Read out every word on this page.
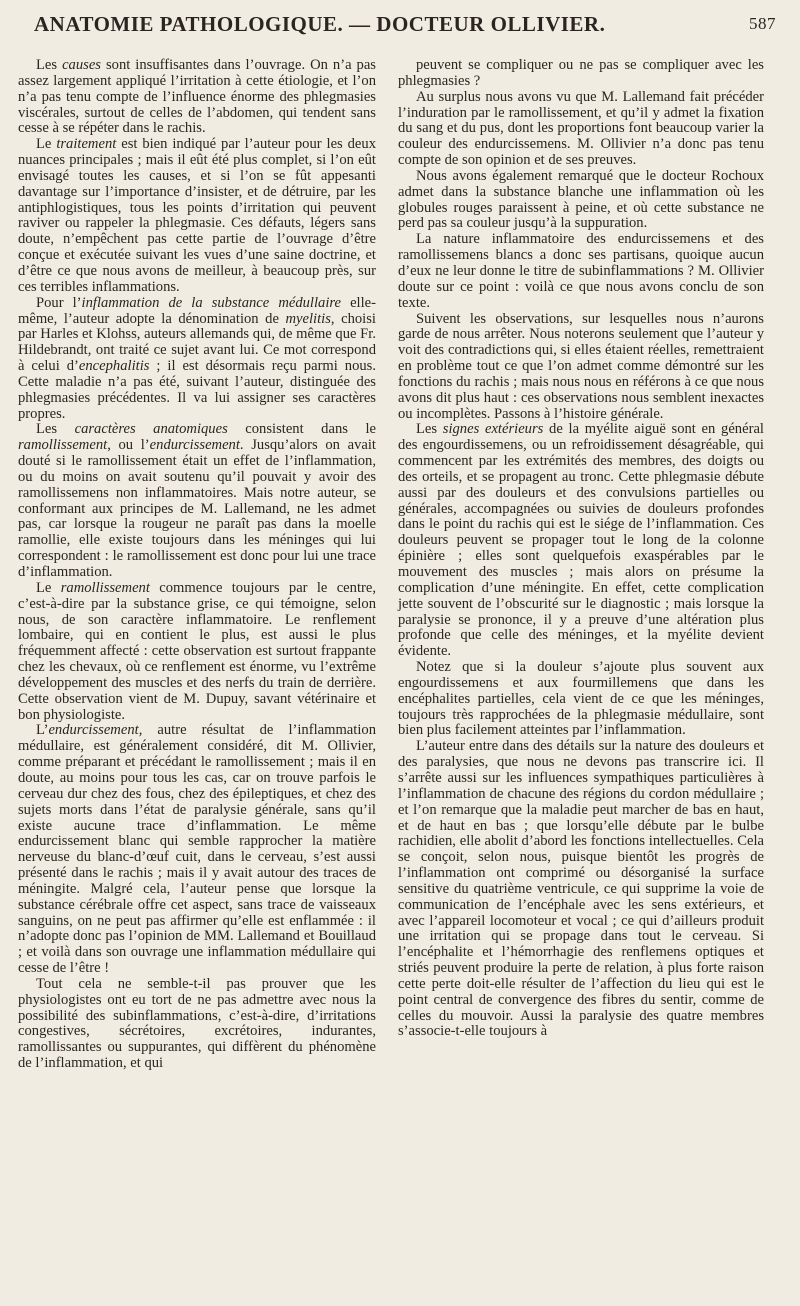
ANATOMIE PATHOLOGIQUE. — DOCTEUR OLLIVIER.	587

Les causes sont insuffisantes dans l’ouvrage. On n’a pas assez largement appliqué l’irritation à cette étiologie, et l’on n’a pas tenu compte de l’influence énorme des phlegmasies viscérales, surtout de celles de l’abdomen, qui tendent sans cesse à se répéter dans le rachis.

Le traitement est bien indiqué par l’auteur pour les deux nuances principales ; mais il eût été plus complet, si l’on eût envisagé toutes les causes, et si l’on se fût appesanti davantage sur l’importance d’insister, et de détruire, par les antiphlogistiques, tous les points d’irritation qui peuvent raviver ou rappeler la phlegmasie. Ces défauts, légers sans doute, n’empêchent pas cette partie de l’ouvrage d’être conçue et exécutée suivant les vues d’une saine doctrine, et d’être ce que nous avons de meilleur, à beaucoup près, sur ces terribles inflammations.

Pour l’inflammation de la substance médullaire elle-même, l’auteur adopte la dénomination de myelitis, choisi par Harles et Klohss, auteurs allemands qui, de même que Fr. Hildebrandt, ont traité ce sujet avant lui. Ce mot correspond à celui d’encephalitis ; il est désormais reçu parmi nous. Cette maladie n’a pas été, suivant l’auteur, distinguée des phlegmasies précédentes. Il va lui assigner ses caractères propres.

Les caractères anatomiques consistent dans le ramollissement, ou l’endurcissement. Jusqu’alors on avait douté si le ramollissement était un effet de l’inflammation, ou du moins on avait soutenu qu’il pouvait y avoir des ramollissemens non inflammatoires. Mais notre auteur, se conformant aux principes de M. Lallemand, ne les admet pas, car lorsque la rougeur ne paraît pas dans la moelle ramollie, elle existe toujours dans les méninges qui lui correspondent : le ramollissement est donc pour lui une trace d’inflammation.

Le ramollissement commence toujours par le centre, c’est-à-dire par la substance grise, ce qui témoigne, selon nous, de son caractère inflammatoire. Le renflement lombaire, qui en contient le plus, est aussi le plus fréquemment affecté : cette observation est surtout frappante chez les chevaux, où ce renflement est énorme, vu l’extrême développement des muscles et des nerfs du train de derrière. Cette observation vient de M. Dupuy, savant vétérinaire et bon physiologiste.

L’endurcissement, autre résultat de l’inflammation médullaire, est généralement considéré, dit M. Ollivier, comme préparant et précédant le ramollissement ; mais il en doute, au moins pour tous les cas, car on trouve parfois le cerveau dur chez des fous, chez des épileptiques, et chez des sujets morts dans l’état de paralysie générale, sans qu’il existe aucune trace d’inflammation. Le même endurcissement blanc qui semble rapprocher la matière nerveuse du blanc-d’œuf cuit, dans le cerveau, s’est aussi présenté dans le rachis ; mais il y avait autour des traces de méningite. Malgré cela, l’auteur pense que lorsque la substance cérébrale offre cet aspect, sans trace de vaisseaux sanguins, on ne peut pas affirmer qu’elle est enflammée : il n’adopte donc pas l’opinion de MM. Lallemand et Bouillaud ; et voilà dans son ouvrage une inflammation médullaire qui cesse de l’être !

Tout cela ne semble-t-il pas prouver que les physiologistes ont eu tort de ne pas admettre avec nous la possibilité des subinflammations, c’est-à-dire, d’irritations congestives, sécrétoires, excrétoires, indurantes, ramollissantes ou suppurantes, qui diffèrent du phénomène de l’inflammation, et qui

peuvent se compliquer ou ne pas se compliquer avec les phlegmasies ?

Au surplus nous avons vu que M. Lallemand fait précéder l’induration par le ramollissement, et qu’il y admet la fixation du sang et du pus, dont les proportions font beaucoup varier la couleur des endurcissemens. M. Ollivier n’a donc pas tenu compte de son opinion et de ses preuves.

Nous avons également remarqué que le docteur Rochoux admet dans la substance blanche une inflammation où les globules rouges paraissent à peine, et où cette substance ne perd pas sa couleur jusqu’à la suppuration.

La nature inflammatoire des endurcissemens et des ramollissemens blancs a donc ses partisans, quoique aucun d’eux ne leur donne le titre de subinflammations ? M. Ollivier doute sur ce point : voilà ce que nous avons conclu de son texte.

Suivent les observations, sur lesquelles nous n’aurons garde de nous arrêter. Nous noterons seulement que l’auteur y voit des contradictions qui, si elles étaient réelles, remettraient en problème tout ce que l’on admet comme démontré sur les fonctions du rachis ; mais nous nous en référons à ce que nous avons dit plus haut : ces observations nous semblent inexactes ou incomplètes. Passons à l’histoire générale.

Les signes extérieurs de la myélite aiguë sont en général des engourdissemens, ou un refroidissement désagréable, qui commencent par les extrémités des membres, des doigts ou des orteils, et se propagent au tronc. Cette phlegmasie débute aussi par des douleurs et des convulsions partielles ou générales, accompagnées ou suivies de douleurs profondes dans le point du rachis qui est le siége de l’inflammation. Ces douleurs peuvent se propager tout le long de la colonne épinière ; elles sont quelquefois exaspérables par le mouvement des muscles ; mais alors on présume la complication d’une méningite. En effet, cette complication jette souvent de l’obscurité sur le diagnostic ; mais lorsque la paralysie se prononce, il y a preuve d’une altération plus profonde que celle des méninges, et la myélite devient évidente.

Notez que si la douleur s’ajoute plus souvent aux engourdissemens et aux fourmillemens que dans les encéphalites partielles, cela vient de ce que les méninges, toujours très rapprochées de la phlegmasie médullaire, sont bien plus facilement atteintes par l’inflammation.

L’auteur entre dans des détails sur la nature des douleurs et des paralysies, que nous ne devons pas transcrire ici. Il s’arrête aussi sur les influences sympathiques particulières à l’inflammation de chacune des régions du cordon médullaire ; et l’on remarque que la maladie peut marcher de bas en haut, et de haut en bas ; que lorsqu’elle débute par le bulbe rachidien, elle abolit d’abord les fonctions intellectuelles. Cela se conçoit, selon nous, puisque bientôt les progrès de l’inflammation ont comprimé ou désorganisé la surface sensitive du quatrième ventricule, ce qui supprime la voie de communication de l’encéphale avec les sens extérieurs, et avec l’appareil locomoteur et vocal ; ce qui d’ailleurs produit une irritation qui se propage dans tout le cerveau. Si l’encéphalite et l’hémorrhagie des renflemens optiques et striés peuvent produire la perte de relation, à plus forte raison cette perte doit-elle résulter de l’affection du lieu qui est le point central de convergence des fibres du sentir, comme de celles du mouvoir. Aussi la paralysie des quatre membres s’associe-t-elle toujours à
